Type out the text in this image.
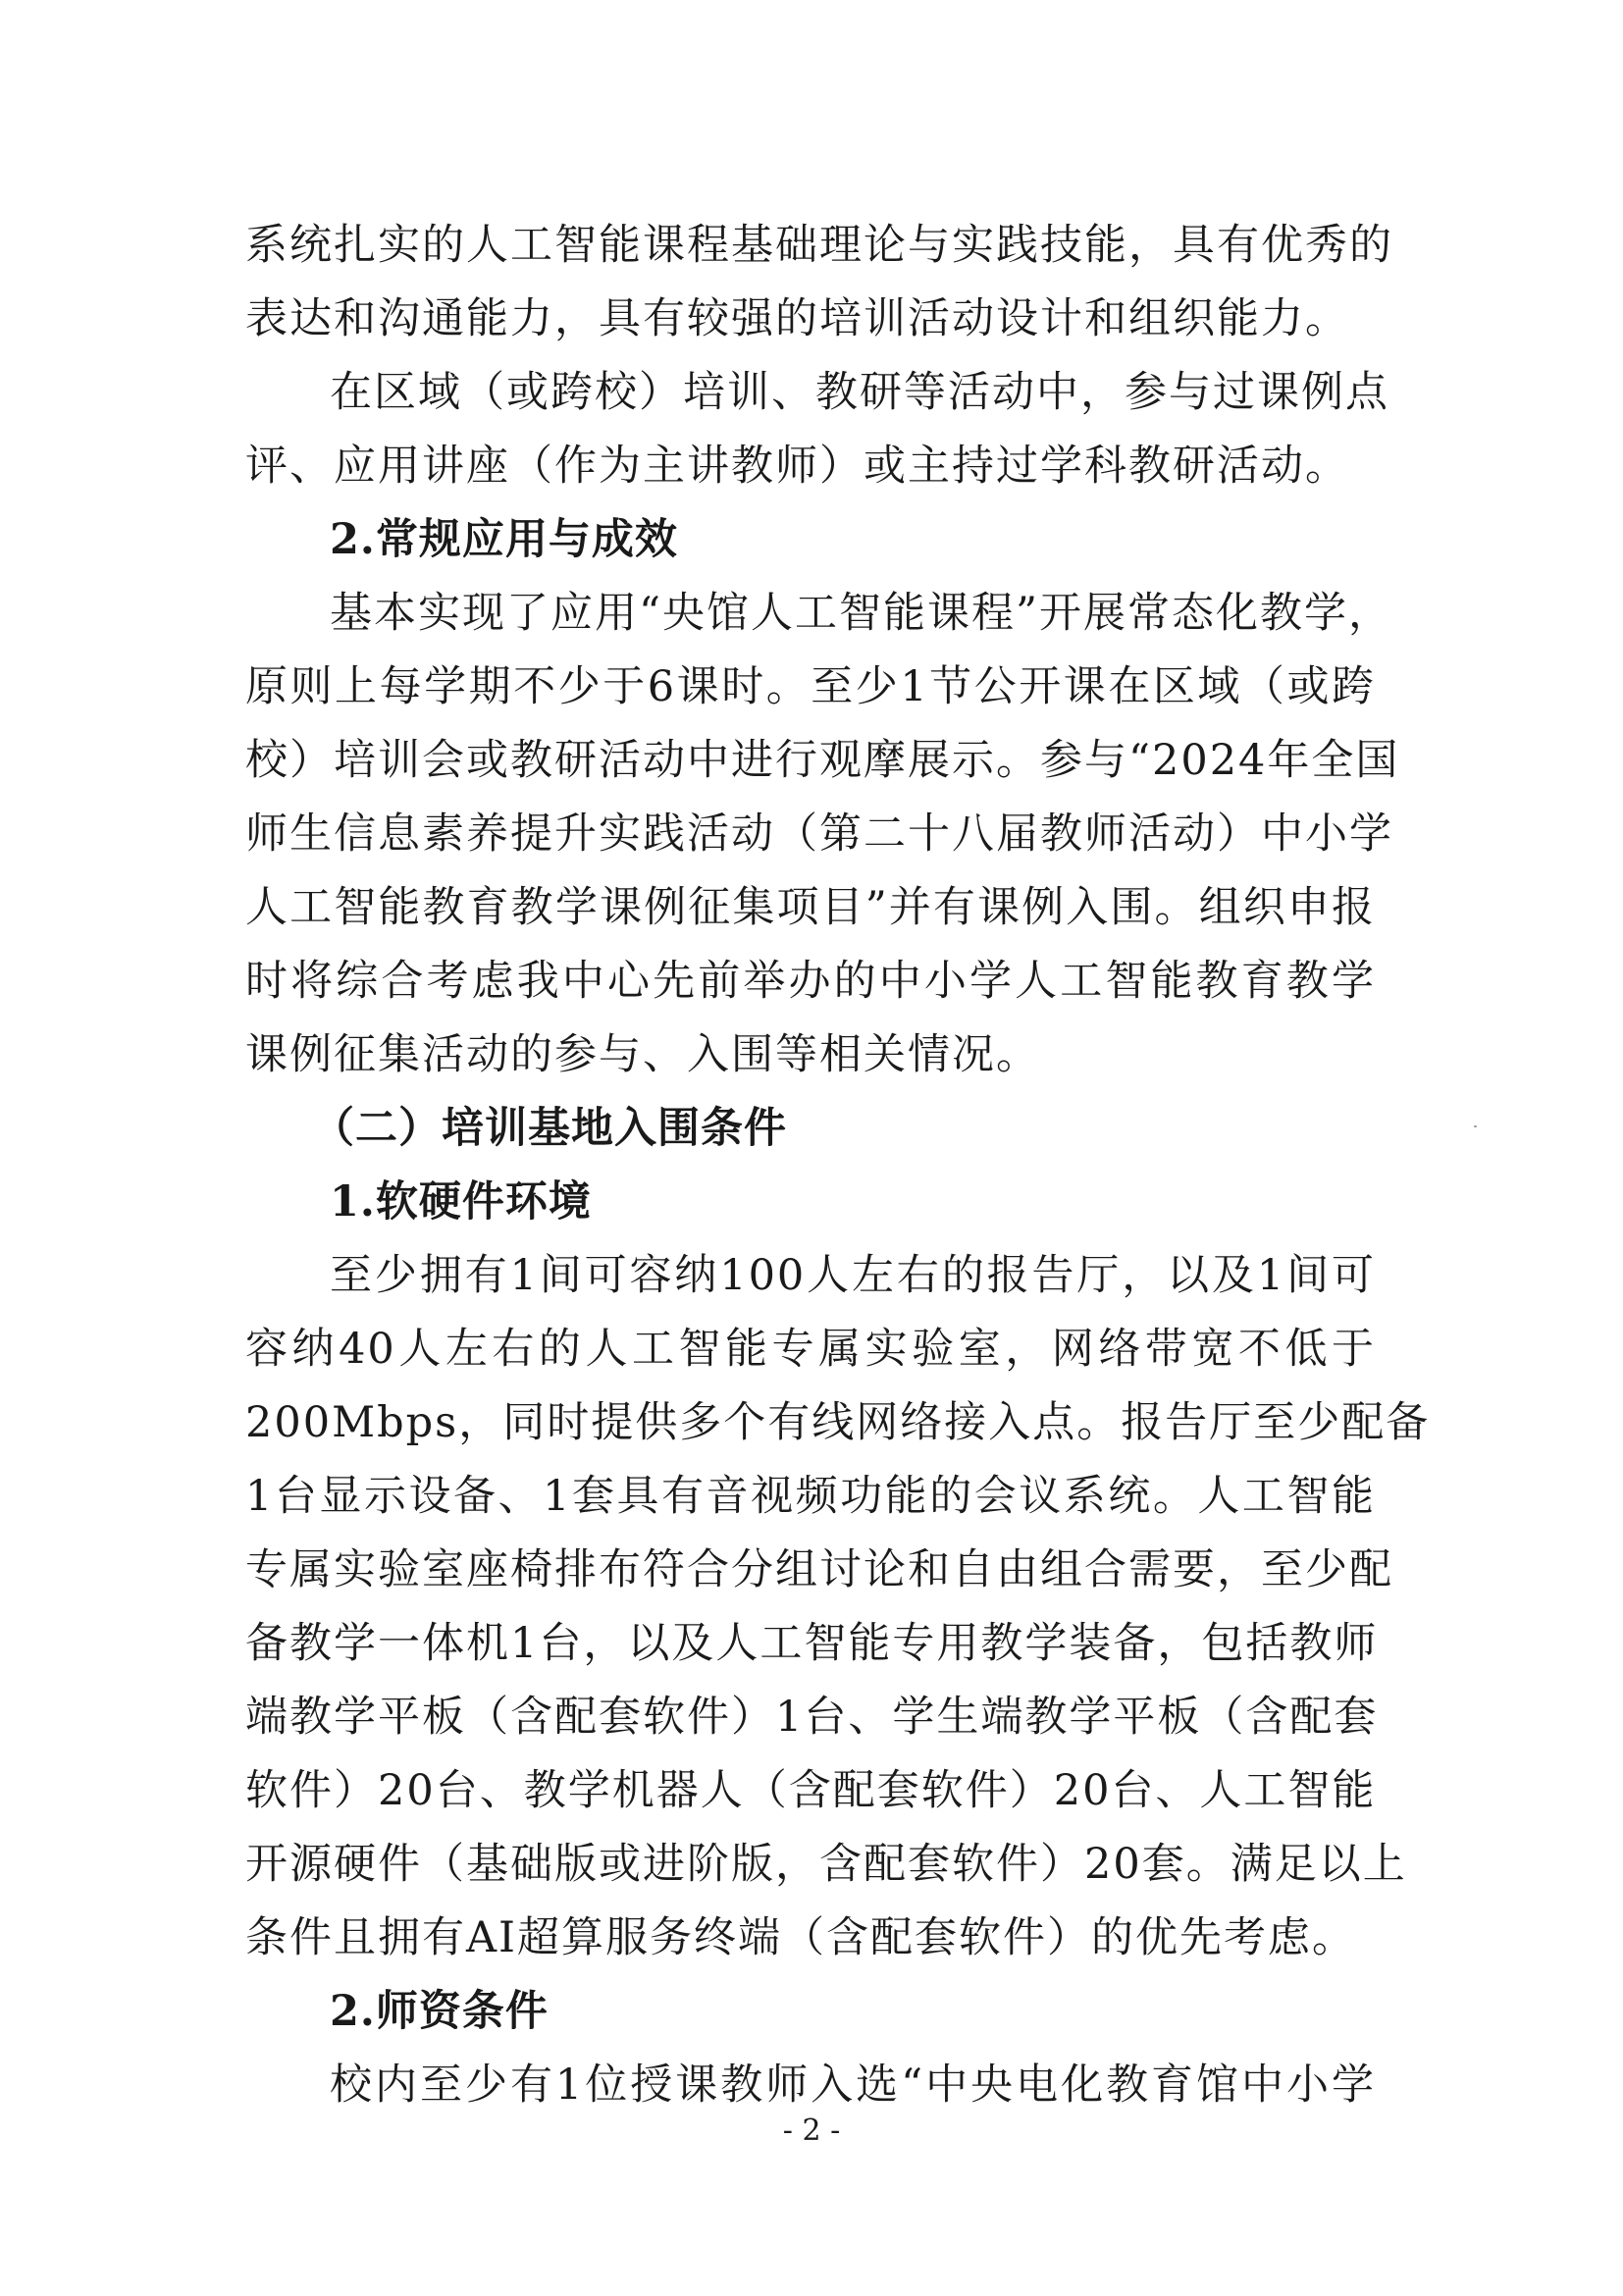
系统扎实的人工智能课程基础理论与实践技能，具有优秀的
表达和沟通能力，具有较强的培训活动设计和组织能力。
在区域（或跨校）培训、教研等活动中，参与过课例点
评、应用讲座（作为主讲教师）或主持过学科教研活动。
2.常规应用与成效
基本实现了应用“央馆人工智能课程”开展常态化教学，
原则上每学期不少于6课时。至少1节公开课在区域（或跨
校）培训会或教研活动中进行观摩展示。参与“2024年全国
师生信息素养提升实践活动（第二十八届教师活动）中小学
人工智能教育教学课例征集项目”并有课例入围。组织申报
时将综合考虑我中心先前举办的中小学人工智能教育教学
课例征集活动的参与、入围等相关情况。
（二）培训基地入围条件
1.软硬件环境
至少拥有1间可容纳100人左右的报告厅，以及1间可
容纳40人左右的人工智能专属实验室，网络带宽不低于
200Mbps，同时提供多个有线网络接入点。报告厅至少配备
1台显示设备、1套具有音视频功能的会议系统。人工智能
专属实验室座椅排布符合分组讨论和自由组合需要，至少配
备教学一体机1台，以及人工智能专用教学装备，包括教师
端教学平板（含配套软件）1台、学生端教学平板（含配套
软件）20台、教学机器人（含配套软件）20台、人工智能
开源硬件（基础版或进阶版，含配套软件）20套。满足以上
条件且拥有AI超算服务终端（含配套软件）的优先考虑。
2.师资条件
校内至少有1位授课教师入选“中央电化教育馆中小学
- 2 -
